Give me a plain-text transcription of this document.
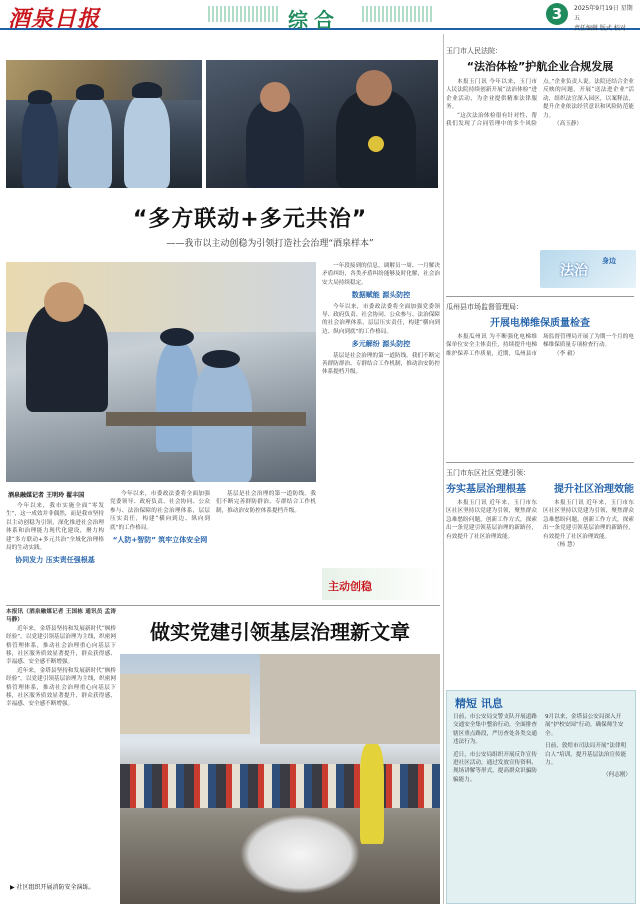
酒泉日报	综合	3	2025年9月19日 星期五
责任编辑 版式 校对
“多方联动+多元共治”
——我市以主动创稳为引领打造社会治理“酒泉样本”

一年段接到的信息，调解员一周、一月解决矛盾纠纷，各类矛盾纠纷能够及时化解，社会治安大局持续稳定。

数据赋能 源头防控

今年以来，市委政法委将全面加强党委领导、政府负责、社会协同、公众参与、法治保障的社会治理体系，层层压实责任，构建“横向到边、纵向到底”的工作格局。

多元解纷 源头防控

基层是社会治理的第一道防线。我们不断完善群防群治、专群结合工作机制，推动治安防控体系提档升级。

主动创稳
酒泉融媒记者 王明玲 翟丰国

今年以来，我市实施全面“零发生”，这一成效并非偶然，而是我市坚持以主动创稳为引领，深化推进社会治理体系和治理能力现代化建设，聚力构建“多方联动+多元共治”全域化治理格局的生动实践。

协同发力 压实责任强根基

今年以来，市委政法委将全面加强党委领导、政府负责、社会协同、公众参与、法治保障的社会治理体系，层层压实责任，构建“横向到边、纵向到底”的工作格局。

“人防+智防” 筑牢立体安全网

基层是社会治理的第一道防线。我们不断完善群防群治、专群结合工作机制，推动治安防控体系提档升级。

玉门市人民法院：
“法治体检”护航企业合规发展

本报玉门讯 今年以来，玉门市人民法院持续创新开展“法治体检”进企业活动，为企业提供精准法律服务。

“这次法治体检很有针对性，帮我们发现了合同管理中的多个风险点。”企业负责人说。法院还结合企业反映的问题，开展“送法进企业”活动，组织法官深入园区，以案释法，提升企业依法经营意识和风险防范能力。

（高玉静）

法治
身边
瓜州县市场监督管理局：
开展电梯维保质量检查

本报瓜州讯 为不断强化电梯维保单位安全主体责任，持续提升电梯维护保养工作质量，近期，瓜州县市场监督管理局开展了为期一个月的电梯维保质量专项检查行动。

（李 毅）

玉门市东区社区党建引领：
夯实基层治理根基	提升社区治理效能

本报玉门讯 近年来，玉门市东区社区坚持以党建为引领，聚焦群众急难愁盼问题，创新工作方式，探索出一条党建引领基层治理的新路径，有效提升了社区治理效能。

本报玉门讯 近年来，玉门市东区社区坚持以党建为引领，聚焦群众急难愁盼问题，创新工作方式，探索出一条党建引领基层治理的新路径，有效提升了社区治理效能。

（杨 慧）

本报讯（酒泉融媒记者 王国栋 通讯员 孟涛 马静）

近年来，金塔县坚持和发展新时代“枫桥经验”，以党建引领基层治理为主线，织密网格管理体系，推动社会治理重心向基层下移，社区服务质效显著提升，群众获得感、幸福感、安全感不断增强。

近年来，金塔县坚持和发展新时代“枫桥经验”，以党建引领基层治理为主线，织密网格管理体系，推动社会治理重心向基层下移，社区服务质效显著提升，群众获得感、幸福感、安全感不断增强。

做实党建引领基层治理新文章
▶ 社区组织开展消防安全演练。
精短 讯息

日前，市公安局交警支队开展道路交通安全集中整治行动，全面排查辖区重点路段，严厉查处各类交通违法行为。

近日，市公安局组织开展反诈宣传进社区活动，通过发放宣传资料、现场讲解等形式，提高群众识骗防骗能力。

9月以来，金塔县公安局深入开展“护校安园”行动，确保师生安全。

日前，敦煌市司法局开展“法律明白人”培训，提升基层法治宣传能力。

（何志刚）
